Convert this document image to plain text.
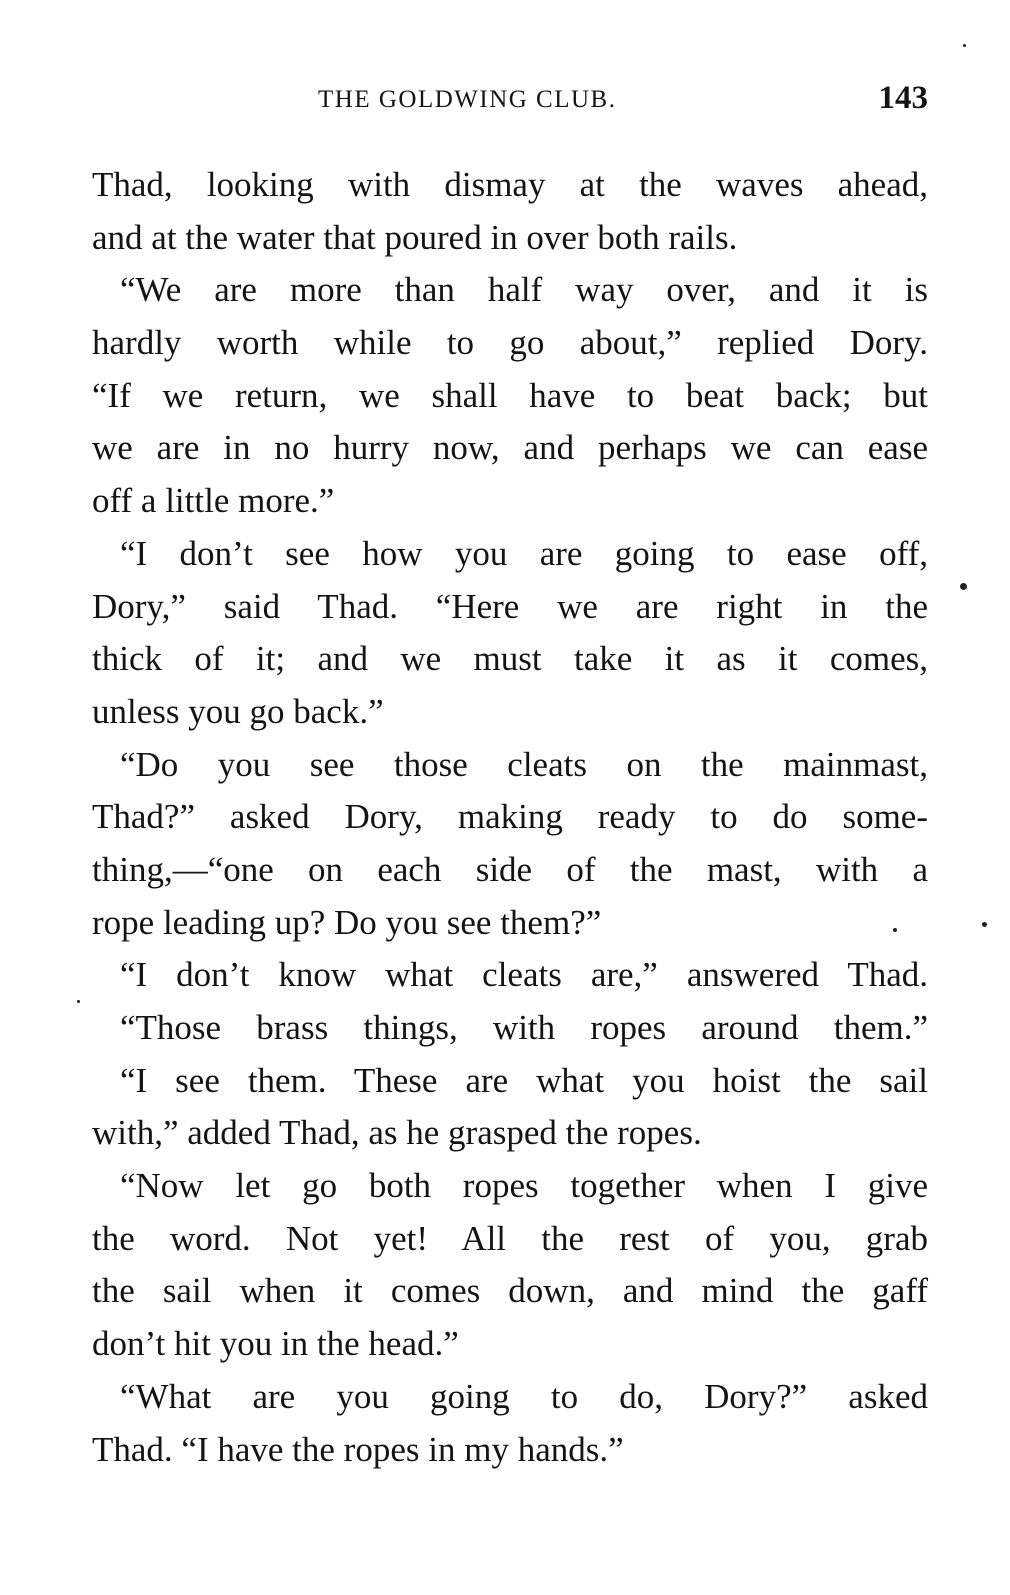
THE GOLDWING CLUB.	143
Thad, looking with dismay at the waves ahead,
and at the water that poured in over both rails.
“We are more than half way over, and it is
hardly worth while to go about,” replied Dory.
“If we return, we shall have to beat back; but
we are in no hurry now, and perhaps we can ease
off a little more.”
“I don’t see how you are going to ease off,
Dory,” said Thad. “Here we are right in the
thick of it; and we must take it as it comes,
unless you go back.”
“Do you see those cleats on the mainmast,
Thad?” asked Dory, making ready to do some-
thing,—“one on each side of the mast, with a
rope leading up? Do you see them?”
“I don’t know what cleats are,” answered Thad.
“Those brass things, with ropes around them.”
“I see them. These are what you hoist the sail
with,” added Thad, as he grasped the ropes.
“Now let go both ropes together when I give
the word. Not yet! All the rest of you, grab
the sail when it comes down, and mind the gaff
don’t hit you in the head.”
“What are you going to do, Dory?” asked
Thad. “I have the ropes in my hands.”
